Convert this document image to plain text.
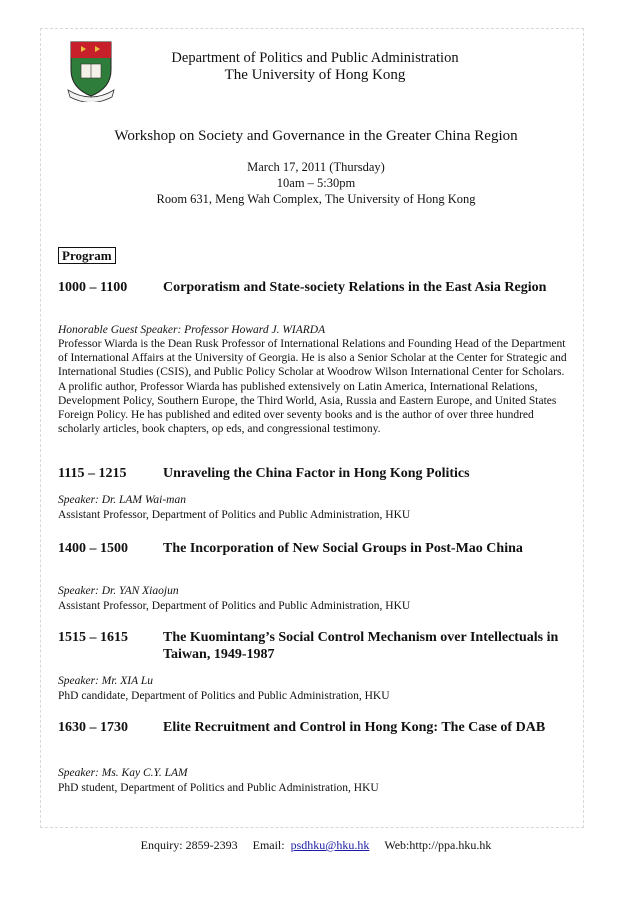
Department of Politics and Public Administration
The University of Hong Kong
Workshop on Society and Governance in the Greater China Region
March 17, 2011 (Thursday)
10am – 5:30pm
Room 631, Meng Wah Complex, The University of Hong Kong
Program
1000 – 1100	Corporatism and State-society Relations in the East Asia Region
Honorable Guest Speaker: Professor Howard J. WIARDA
Professor Wiarda is the Dean Rusk Professor of International Relations and Founding Head of the Department of International Affairs at the University of Georgia. He is also a Senior Scholar at the Center for Strategic and International Studies (CSIS), and Public Policy Scholar at Woodrow Wilson International Center for Scholars. A prolific author, Professor Wiarda has published extensively on Latin America, International Relations, Development Policy, Southern Europe, the Third World, Asia, Russia and Eastern Europe, and United States Foreign Policy. He has published and edited over seventy books and is the author of over three hundred scholarly articles, book chapters, op eds, and congressional testimony.
1115 – 1215	Unraveling the China Factor in Hong Kong Politics
Speaker: Dr. LAM Wai-man
Assistant Professor, Department of Politics and Public Administration, HKU
1400 – 1500	The Incorporation of New Social Groups in Post-Mao China
Speaker: Dr. YAN Xiaojun
Assistant Professor, Department of Politics and Public Administration, HKU
1515 – 1615	The Kuomintang’s Social Control Mechanism over Intellectuals in Taiwan, 1949-1987
Speaker: Mr. XIA Lu
PhD candidate, Department of Politics and Public Administration, HKU
1630 – 1730	Elite Recruitment and Control in Hong Kong: The Case of DAB
Speaker: Ms. Kay C.Y. LAM
PhD student, Department of Politics and Public Administration, HKU
Enquiry: 2859-2393 Email: psdhku@hku.hk Web:http://ppa.hku.hk
